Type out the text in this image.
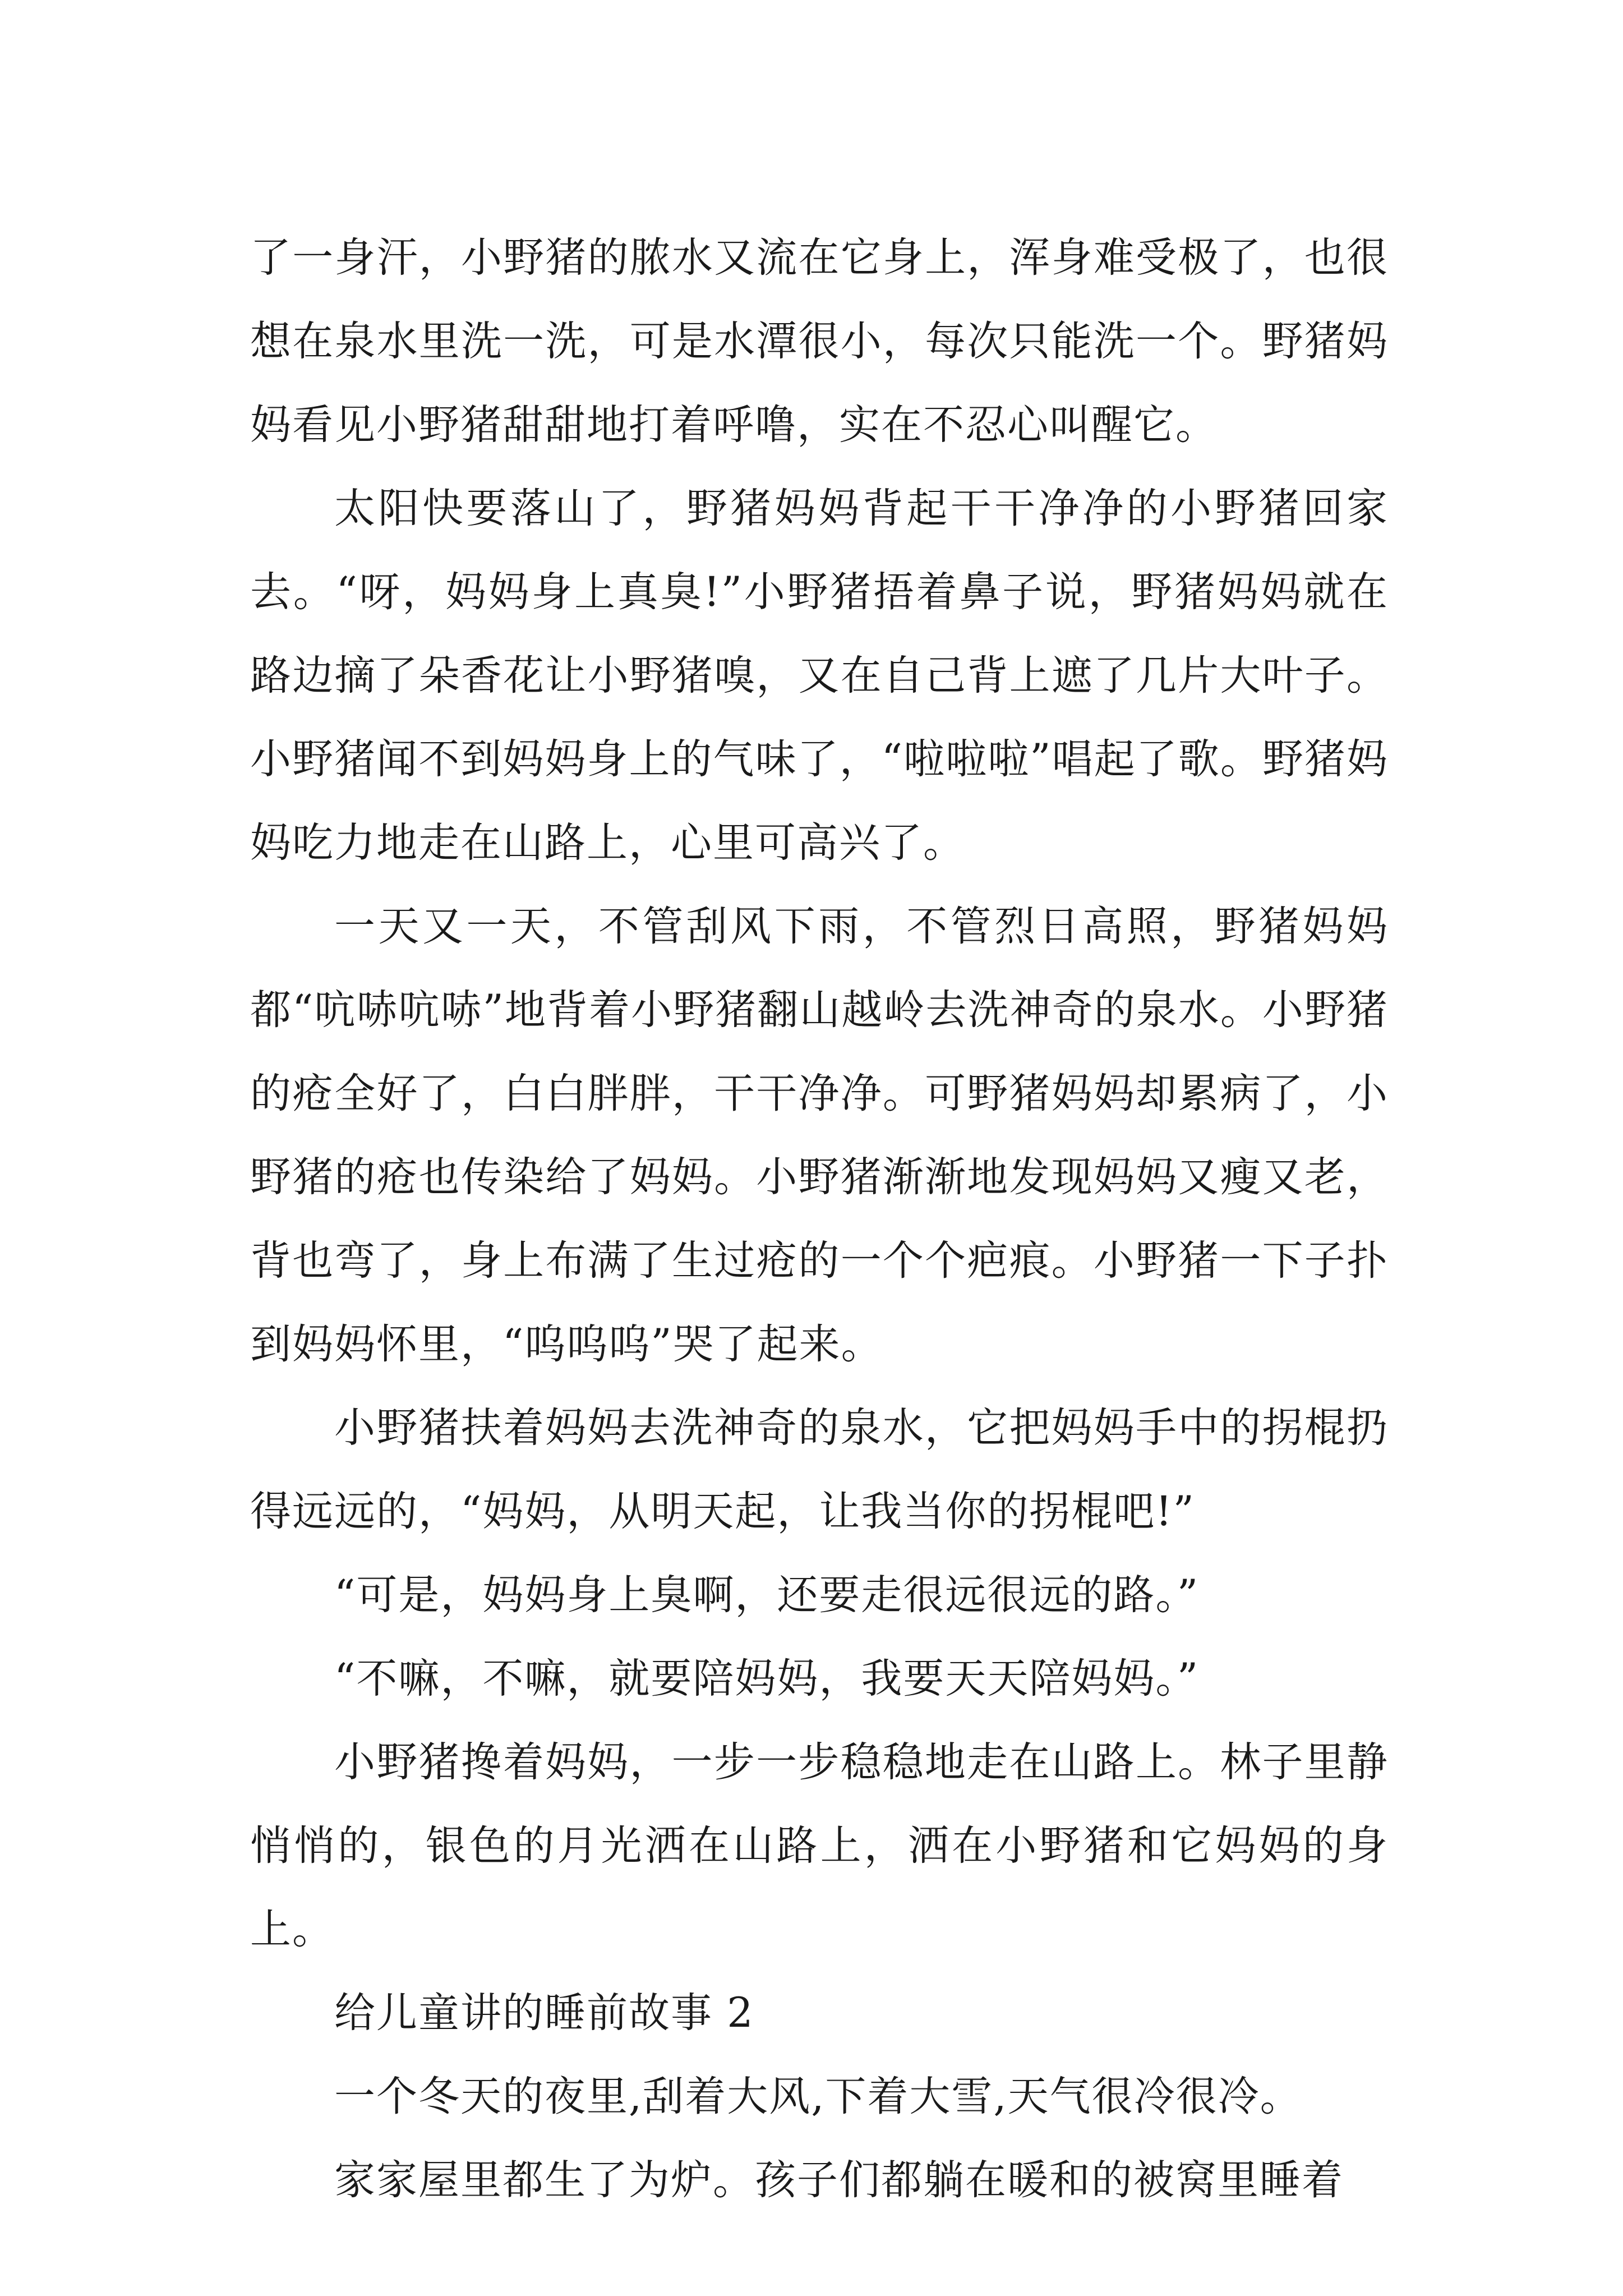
了一身汗，小野猪的脓水又流在它身上，浑身难受极了，也很想在泉水里洗一洗，可是水潭很小，每次只能洗一个。野猪妈妈看见小野猪甜甜地打着呼噜，实在不忍心叫醒它。

太阳快要落山了，野猪妈妈背起干干净净的小野猪回家去。“呀，妈妈身上真臭!”小野猪捂着鼻子说，野猪妈妈就在路边摘了朵香花让小野猪嗅，又在自己背上遮了几片大叶子。小野猪闻不到妈妈身上的气味了，“啦啦啦”唱起了歌。野猪妈妈吃力地走在山路上，心里可高兴了。

一天又一天，不管刮风下雨，不管烈日高照，野猪妈妈都“吭哧吭哧”地背着小野猪翻山越岭去洗神奇的泉水。小野猪的疮全好了，白白胖胖，干干净净。可野猪妈妈却累病了，小野猪的疮也传染给了妈妈。小野猪渐渐地发现妈妈又瘦又老，背也弯了，身上布满了生过疮的一个个疤痕。小野猪一下子扑到妈妈怀里，“呜呜呜”哭了起来。

小野猪扶着妈妈去洗神奇的泉水，它把妈妈手中的拐棍扔得远远的，“妈妈，从明天起，让我当你的拐棍吧!”

“可是，妈妈身上臭啊，还要走很远很远的路。”

“不嘛，不嘛，就要陪妈妈，我要天天陪妈妈。”

小野猪搀着妈妈，一步一步稳稳地走在山路上。林子里静悄悄的，银色的月光洒在山路上，洒在小野猪和它妈妈的身上。

给儿童讲的睡前故事 2

一个冬天的夜里,刮着大风,下着大雪,天气很冷很冷。

家家屋里都生了为炉。孩子们都躺在暖和的被窝里睡着
